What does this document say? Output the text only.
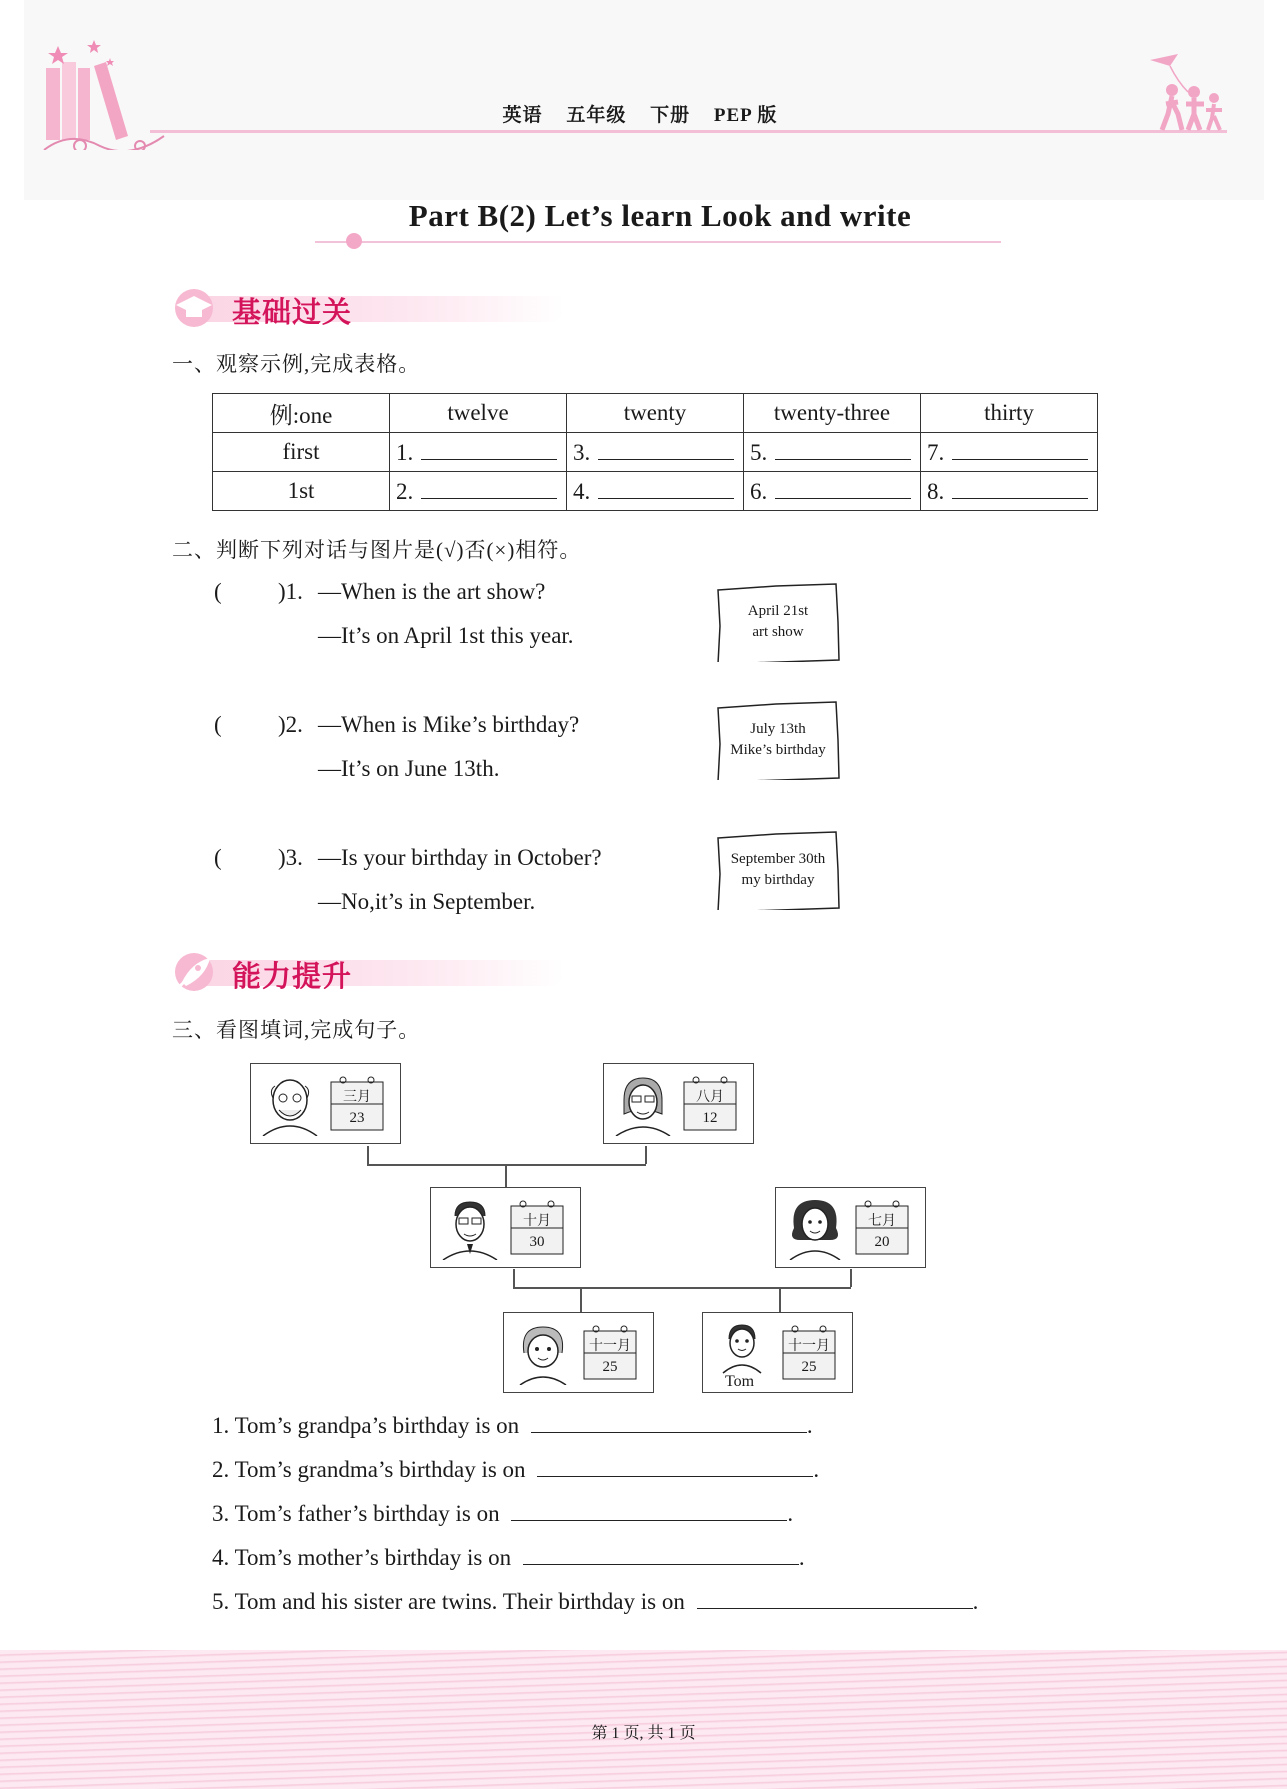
英语 五年级 下册 PEP 版
Part B(2) Let’s learn Look and write
基础过关
一、观察示例,完成表格。
例:one	twelve	twenty	twenty-three	thirty
first	1.	3.	5.	7.
1st	2.	4.	6.	8.
二、判断下列对话与图片是(√)否(×)相符。
( )1. —When is the art show?
—It’s on April 1st this year.
April 21st
art show
( )2. —When is Mike’s birthday?
—It’s on June 13th.
July 13th
Mike’s birthday
( )3. —Is your birthday in October?
—No,it’s in September.
September 30th
my birthday
能力提升
三、看图填词,完成句子。
三月
23
八月
12
十月
30
七月
20
十一月
25
Tom
十一月
25
1. Tom’s grandpa’s birthday is on	.
2. Tom’s grandma’s birthday is on	.
3. Tom’s father’s birthday is on	.
4. Tom’s mother’s birthday is on	.
5. Tom and his sister are twins. Their birthday is on	.
第 1 页, 共 1 页
